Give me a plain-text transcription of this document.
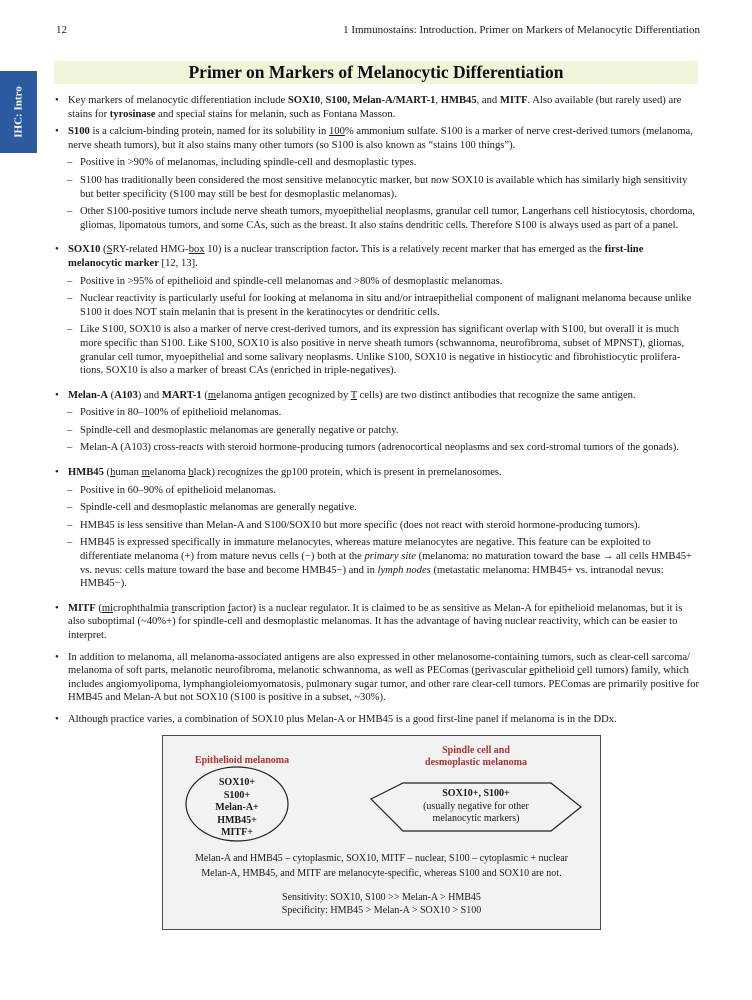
12	1 Immunostains: Introduction. Primer on Markers of Melanocytic Differentiation
IHC: Intro
Primer on Markers of Melanocytic Differentiation

• Key markers of melanocytic differentiation include SOX10, S100, Melan-A/MART-1, HMB45, and MITF. Also available (but rarely used) are stains for tyrosinase and special stains for melanin, such as Fontana Masson.

• S100 is a calcium-binding protein, named for its solubility in 100% ammonium sulfate. S100 is a marker of nerve crest-derived tumors (melanoma, nerve sheath tumors), but it also stains many other tumors (so S100 is also known as “stains 100 things”).

– Positive in >90% of melanomas, including spindle-cell and desmoplastic types.

– S100 has traditionally been considered the most sensitive melanocytic marker, but now SOX10 is available which has similarly high sensitivity but better specificity (S100 may still be best for desmoplastic melanomas).

– Other S100-positive tumors include nerve sheath tumors, myoepithelial neoplasms, granular cell tumor, Langerhans cell histiocytosis, chordoma, gliomas, lipomatous tumors, and some CAs, such as the breast. It also stains dendritic cells. Therefore S100 is always used as part of a panel.

• SOX10 (SRY-related HMG-box 10) is a nuclear transcription factor. This is a relatively recent marker that has emerged as the first-line melanocytic marker [12, 13].

– Positive in >95% of epithelioid and spindle-cell melanomas and >80% of desmoplastic melanomas.

– Nuclear reactivity is particularly useful for looking at melanoma in situ and/or intraepithelial component of malignant melanoma because unlike S100 it does NOT stain melanin that is present in the keratinocytes or dendritic cells.

– Like S100, SOX10 is also a marker of nerve crest-derived tumors, and its expression has significant overlap with S100, but overall it is much more specific than S100. Like S100, SOX10 is also positive in nerve sheath tumors (schwannoma, neurofibroma, subset of MPNST), gliomas, granular cell tumor, myoepithelial and some salivary neoplasms. Unlike S100, SOX10 is negative in histiocytic and fibrohistiocytic prolifera-tions. SOX10 is also a marker of breast CAs (enriched in triple-negatives).

• Melan-A (A103) and MART-1 (melanoma antigen recognized by T cells) are two distinct antibodies that recognize the same antigen.

– Positive in 80–100% of epithelioid melanomas.

– Spindle-cell and desmoplastic melanomas are generally negative or patchy.

– Melan-A (A103) cross-reacts with steroid hormone-producing tumors (adrenocortical neoplasms and sex cord-stromal tumors of the gonads).

• HMB45 (human melanoma black) recognizes the gp100 protein, which is present in premelanosomes.

– Positive in 60–90% of epithelioid melanomas.

– Spindle-cell and desmoplastic melanomas are generally negative.

– HMB45 is less sensitive than Melan-A and S100/SOX10 but more specific (does not react with steroid hormone-producing tumors).

– HMB45 is expressed specifically in immature melanocytes, whereas mature melanocytes are negative. This feature can be exploited to differentiate melanoma (+) from mature nevus cells (−) both at the primary site (melanoma: no maturation toward the base → all cells HMB45+ vs. nevus: cells mature toward the base and become HMB45−) and in lymph nodes (metastatic melanoma: HMB45+ vs. intranodal nevus: HMB45−).

• MITF (microphthalmia transcription factor) is a nuclear regulator. It is claimed to be as sensitive as Melan-A for epithelioid melanomas, but it is also suboptimal (~40%+) for spindle-cell and desmoplastic melanomas. It has the advantage of having nuclear reactivity, which can be easier to interpret.

• In addition to melanoma, all melanoma-associated antigens are also expressed in other melanosome-containing tumors, such as clear-cell sarcoma/ melanoma of soft parts, melanotic neurofibroma, melanotic schwannoma, as well as PEComas (perivascular epithelioid cell tumors) family, which includes angiomyolipoma, lymphangioleiomyomatosis, pulmonary sugar tumor, and other rare clear-cell tumors. PEComas are primarily positive for HMB45 and Melan-A but not SOX10 (S100 is positive in a subset, ~30%).

• Although practice varies, a combination of SOX10 plus Melan-A or HMB45 is a good first-line panel if melanoma is in the DDx.

Epithelioid melanoma
SOX10+
S100+
Melan-A+
HMB45+
MITF+
Spindle cell and
desmoplastic melanoma
SOX10+, S100+
(usually negative for other
melanocytic markers)
Melan-A and HMB45 – cytoplasmic, SOX10, MITF – nuclear, S100 – cytoplasmic + nuclear
Melan-A, HMB45, and MITF are melanocyte-specific, whereas S100 and SOX10 are not.
Sensitivity: SOX10, S100 >> Melan-A > HMB45
Specificity: HMB45 > Melan-A > SOX10 > S100
